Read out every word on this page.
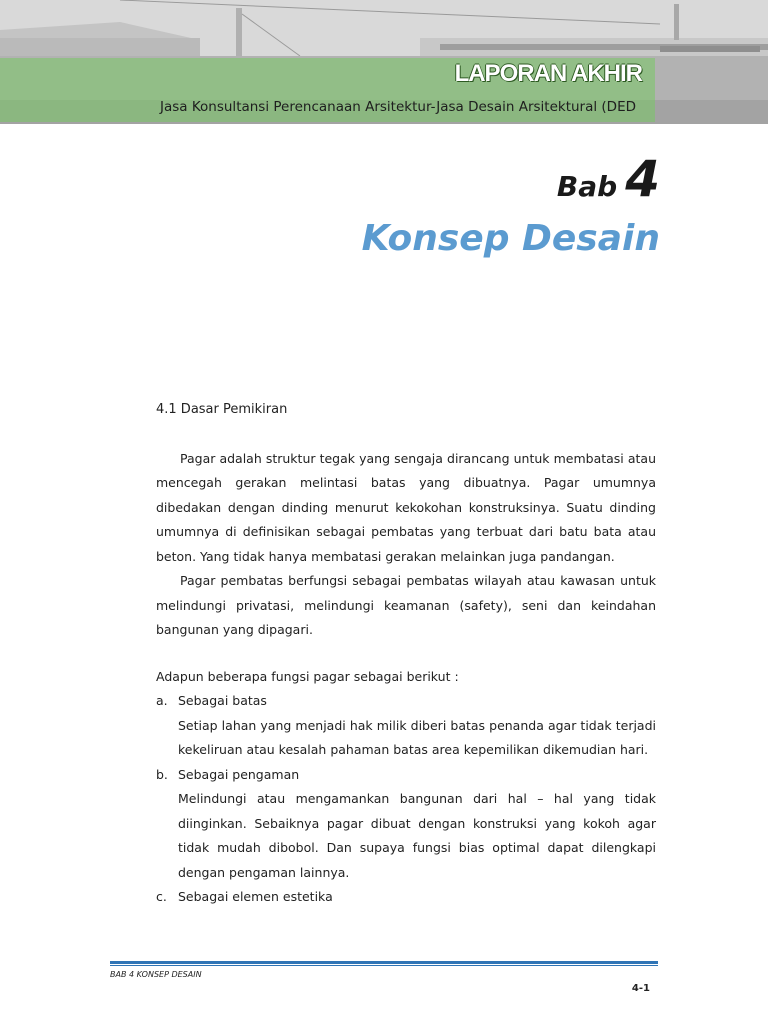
LAPORAN AKHIR
Jasa Konsultansi Perencanaan Arsitektur-Jasa Desain Arsitektural (DED
Bab 4
Konsep Desain
4.1 Dasar Pemikiran

Pagar adalah struktur tegak yang sengaja dirancang untuk membatasi atau mencegah gerakan melintasi batas yang dibuatnya. Pagar umumnya dibedakan dengan dinding menurut kekokohan konstruksinya. Suatu dinding umumnya di definisikan sebagai pembatas yang terbuat dari batu bata atau beton. Yang tidak hanya membatasi gerakan melainkan juga pandangan.

Pagar pembatas berfungsi sebagai pembatas wilayah atau kawasan untuk melindungi privatasi, melindungi keamanan (safety), seni dan keindahan bangunan yang dipagari.

Adapun beberapa fungsi pagar sebagai berikut :

a. Sebagai batas

Setiap lahan yang menjadi hak milik diberi batas penanda agar tidak terjadi kekeliruan atau kesalah pahaman batas area kepemilikan dikemudian hari.

b. Sebagai pengaman

Melindungi atau mengamankan bangunan dari hal – hal yang tidak diinginkan. Sebaiknya pagar dibuat dengan konstruksi yang kokoh agar tidak mudah dibobol. Dan supaya fungsi bias optimal dapat dilengkapi dengan pengaman lainnya.

c. Sebagai elemen estetika
BAB 4 KONSEP DESAIN
4-1
